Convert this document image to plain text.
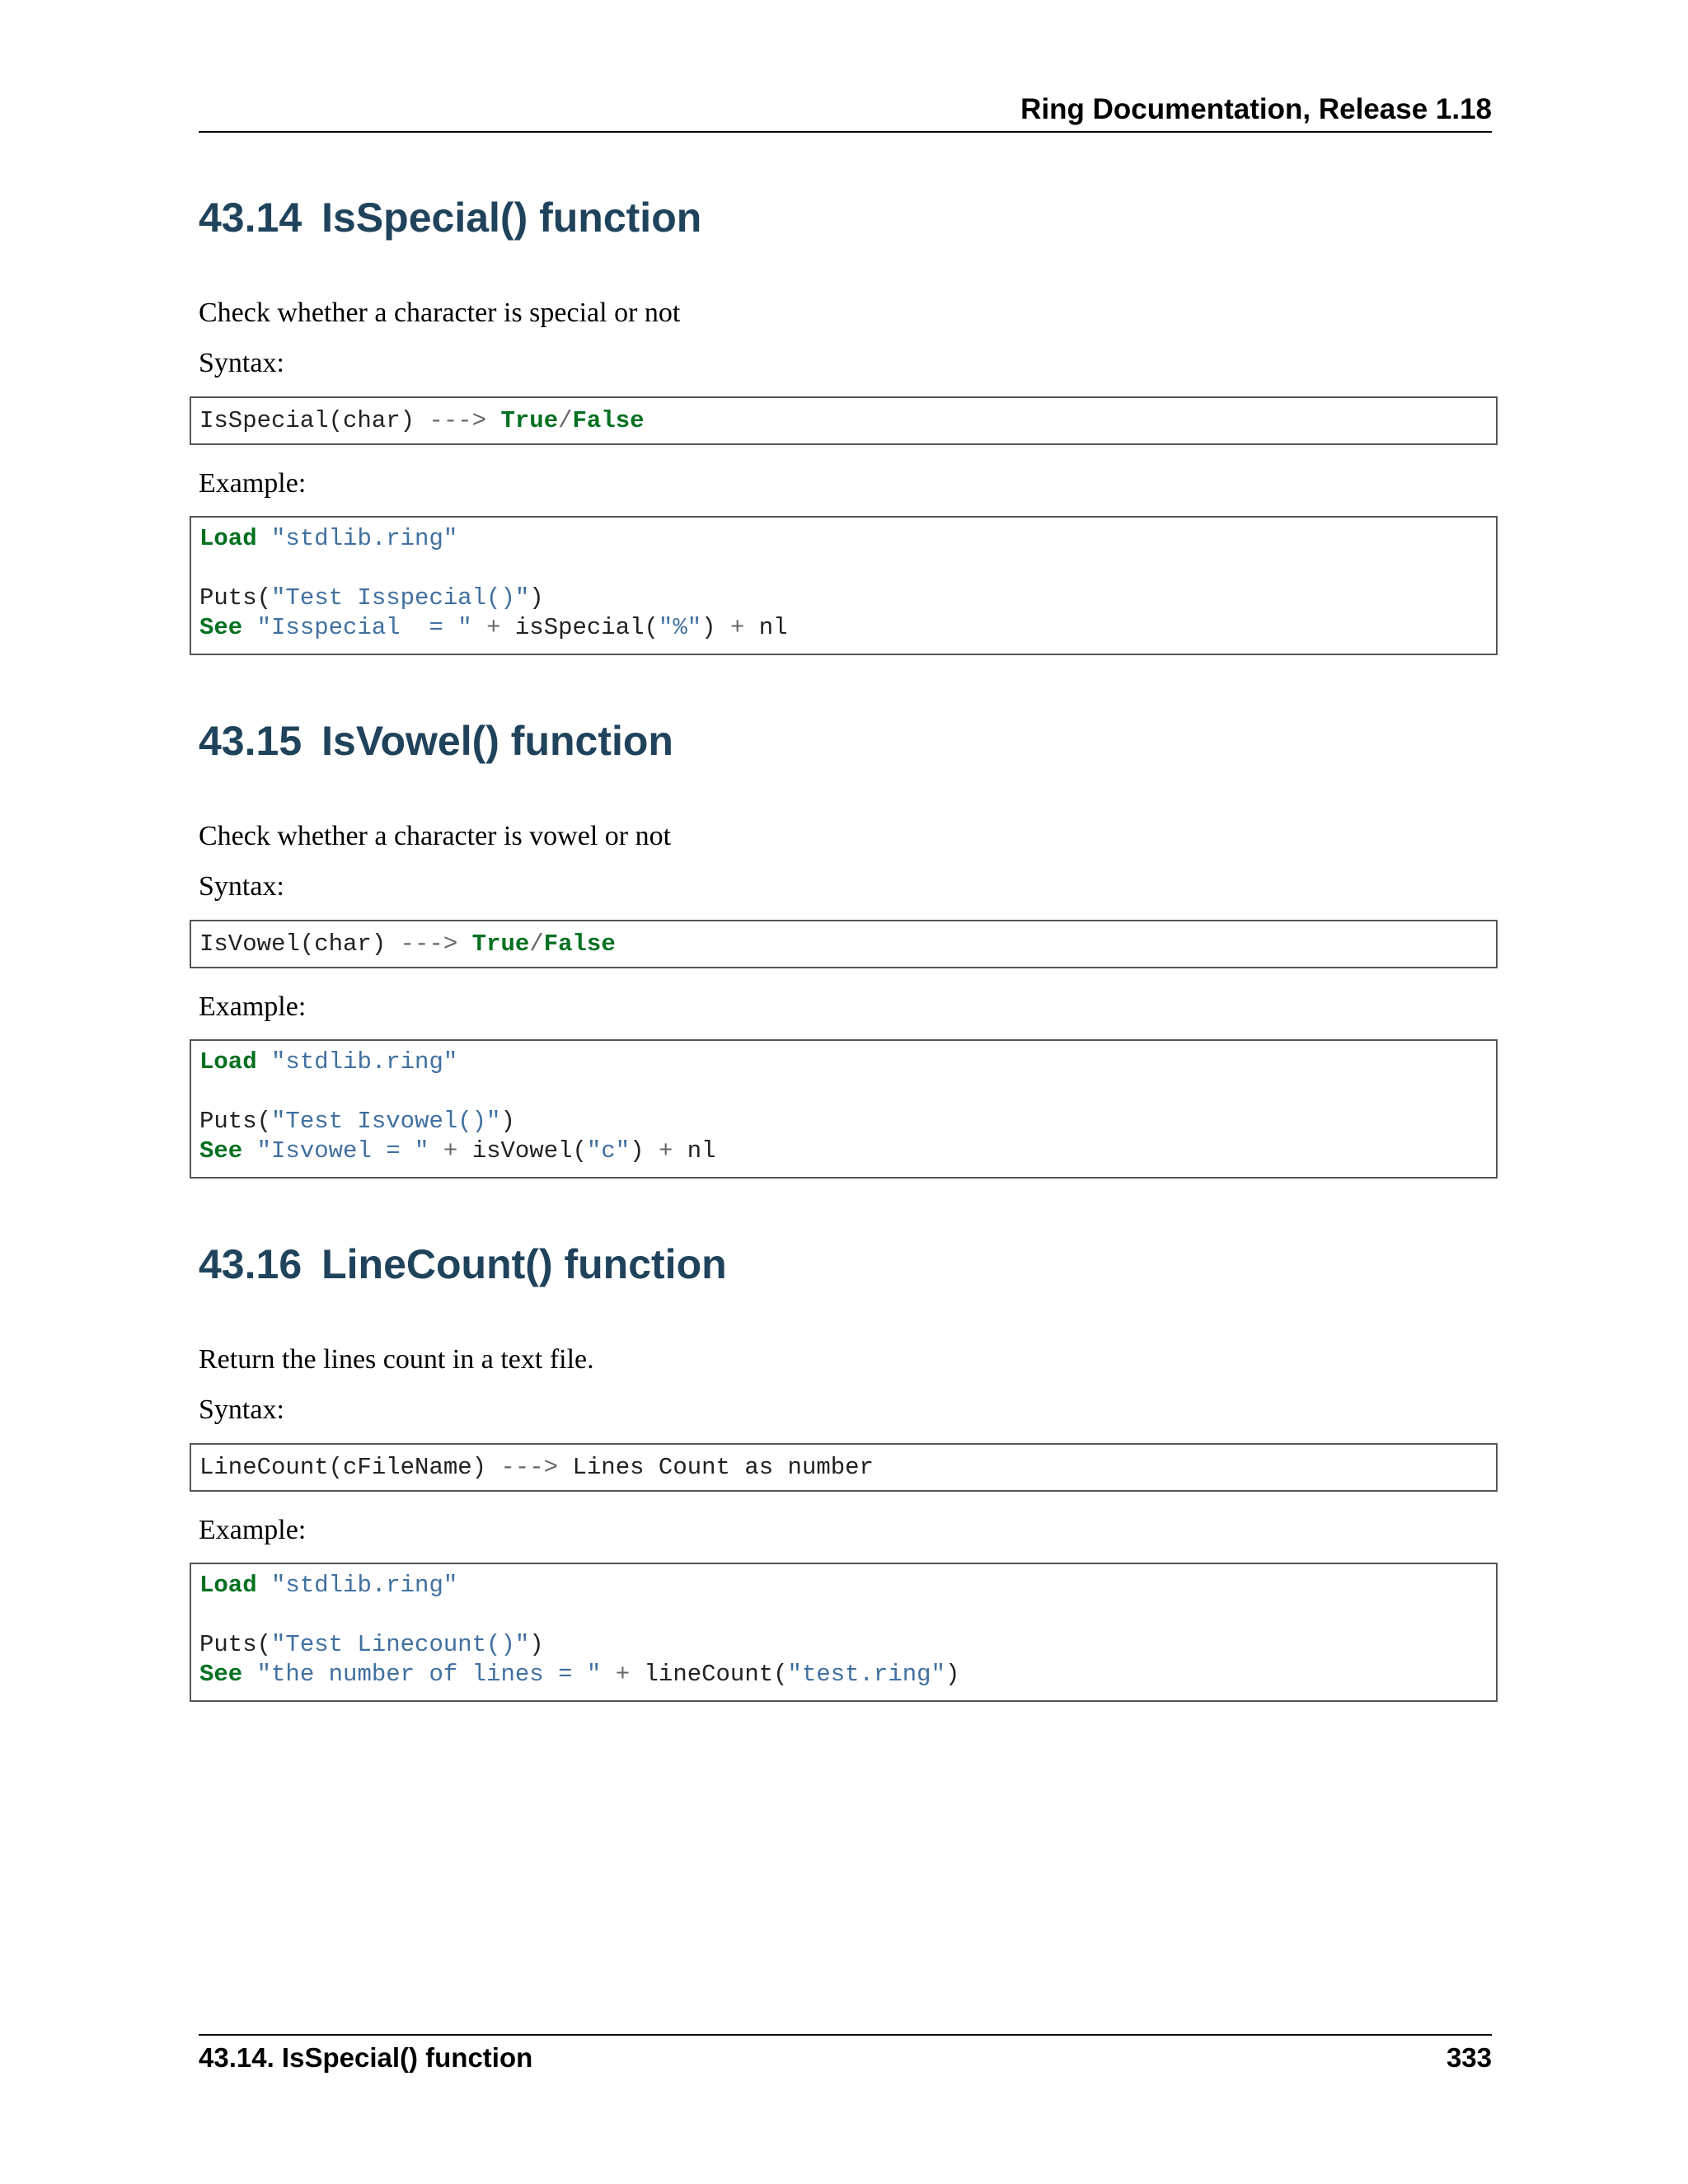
Ring Documentation, Release 1.18
43.14 IsSpecial() function

Check whether a character is special or not

Syntax:

IsSpecial(char) ---> True/False

Example:

Load "stdlib.ring"
Puts("Test Isspecial()")
See "Isspecial  = " + isSpecial("%") + nl
43.15 IsVowel() function

Check whether a character is vowel or not

Syntax:

IsVowel(char) ---> True/False

Example:

Load "stdlib.ring"
Puts("Test Isvowel()")
See "Isvowel = " + isVowel("c") + nl
43.16 LineCount() function

Return the lines count in a text file.

Syntax:

LineCount(cFileName) ---> Lines Count as number

Example:

Load "stdlib.ring"
Puts("Test Linecount()")
See "the number of lines = " + lineCount("test.ring")
43.14. IsSpecial() function	333
